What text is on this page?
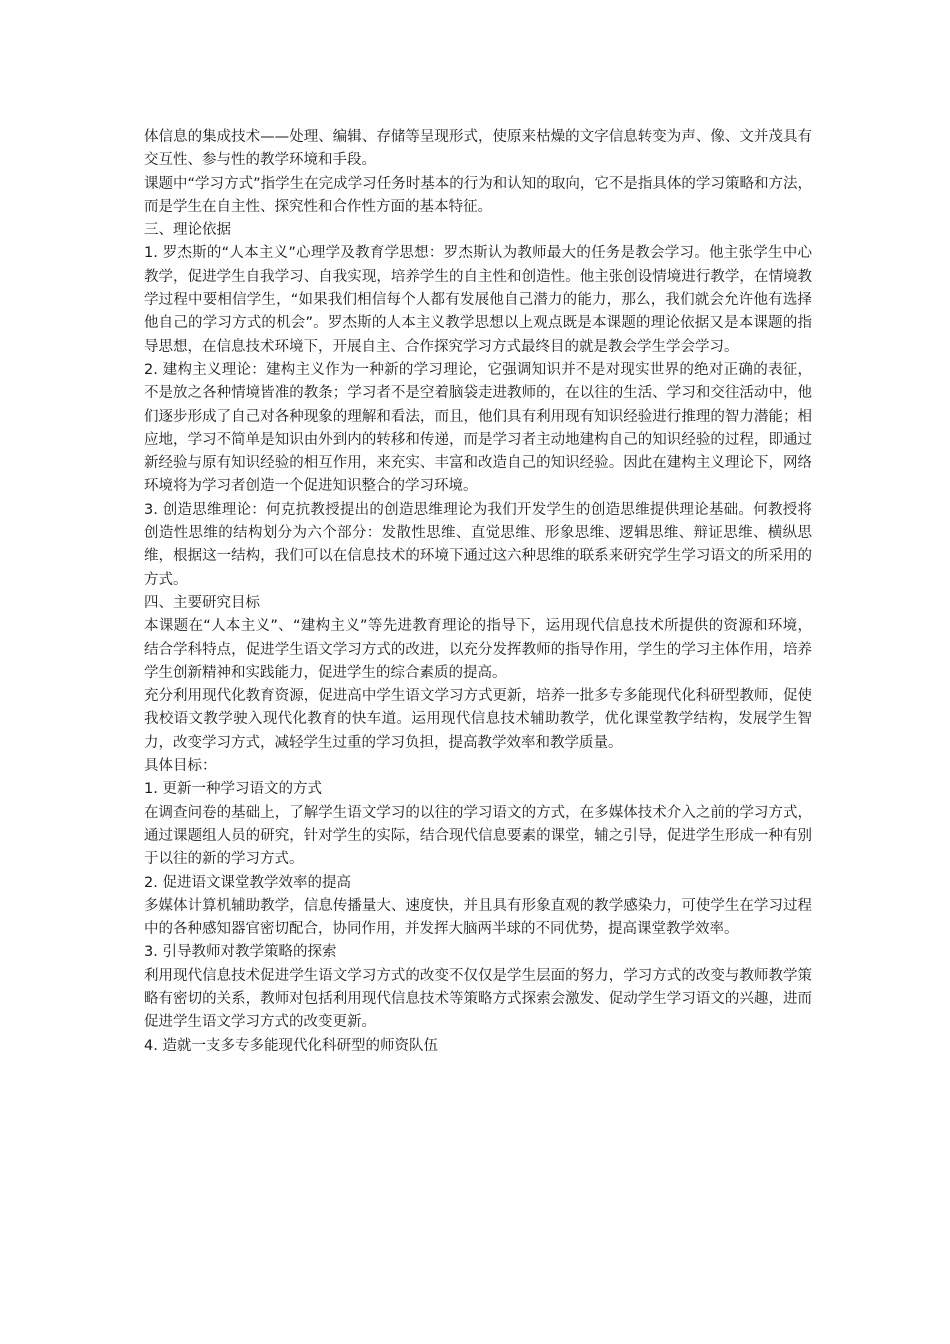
体信息的集成技术——处理、编辑、存储等呈现形式，使原来枯燥的文字信息转变为声、像、文并茂具有交互性、参与性的教学环境和手段。

课题中“学习方式”指学生在完成学习任务时基本的行为和认知的取向，它不是指具体的学习策略和方法，而是学生在自主性、探究性和合作性方面的基本特征。

三、理论依据

1. 罗杰斯的“人本主义”心理学及教育学思想：罗杰斯认为教师最大的任务是教会学习。他主张学生中心教学，促进学生自我学习、自我实现，培养学生的自主性和创造性。他主张创设情境进行教学，在情境教学过程中要相信学生，“如果我们相信每个人都有发展他自己潜力的能力，那么，我们就会允许他有选择他自己的学习方式的机会”。罗杰斯的人本主义教学思想以上观点既是本课题的理论依据又是本课题的指导思想，在信息技术环境下，开展自主、合作探究学习方式最终目的就是教会学生学会学习。

2. 建构主义理论：建构主义作为一种新的学习理论，它强调知识并不是对现实世界的绝对正确的表征，不是放之各种情境皆准的教条；学习者不是空着脑袋走进教师的，在以往的生活、学习和交往活动中，他们逐步形成了自己对各种现象的理解和看法，而且，他们具有利用现有知识经验进行推理的智力潜能；相应地，学习不简单是知识由外到内的转移和传递，而是学习者主动地建构自己的知识经验的过程，即通过新经验与原有知识经验的相互作用，来充实、丰富和改造自己的知识经验。因此在建构主义理论下，网络环境将为学习者创造一个促进知识整合的学习环境。

3. 创造思维理论：何克抗教授提出的创造思维理论为我们开发学生的创造思维提供理论基础。何教授将创造性思维的结构划分为六个部分：发散性思维、直觉思维、形象思维、逻辑思维、辩证思维、横纵思维，根据这一结构，我们可以在信息技术的环境下通过这六种思维的联系来研究学生学习语文的所采用的方式。

四、主要研究目标

本课题在“人本主义”、“建构主义”等先进教育理论的指导下，运用现代信息技术所提供的资源和环境，结合学科特点，促进学生语文学习方式的改进，以充分发挥教师的指导作用，学生的学习主体作用，培养学生创新精神和实践能力，促进学生的综合素质的提高。

充分利用现代化教育资源，促进高中学生语文学习方式更新，培养一批多专多能现代化科研型教师，促使我校语文教学驶入现代化教育的快车道。运用现代信息技术辅助教学，优化课堂教学结构，发展学生智力，改变学习方式，减轻学生过重的学习负担，提高教学效率和教学质量。

具体目标：

1. 更新一种学习语文的方式

在调查问卷的基础上，了解学生语文学习的以往的学习语文的方式，在多媒体技术介入之前的学习方式，通过课题组人员的研究，针对学生的实际，结合现代信息要素的课堂，辅之引导，促进学生形成一种有别于以往的新的学习方式。

2. 促进语文课堂教学效率的提高

多媒体计算机辅助教学，信息传播量大、速度快，并且具有形象直观的教学感染力，可使学生在学习过程中的各种感知器官密切配合，协同作用，并发挥大脑两半球的不同优势，提高课堂教学效率。

3. 引导教师对教学策略的探索

利用现代信息技术促进学生语文学习方式的改变不仅仅是学生层面的努力，学习方式的改变与教师教学策略有密切的关系，教师对包括利用现代信息技术等策略方式探索会激发、促动学生学习语文的兴趣，进而促进学生语文学习方式的改变更新。

4. 造就一支多专多能现代化科研型的师资队伍
